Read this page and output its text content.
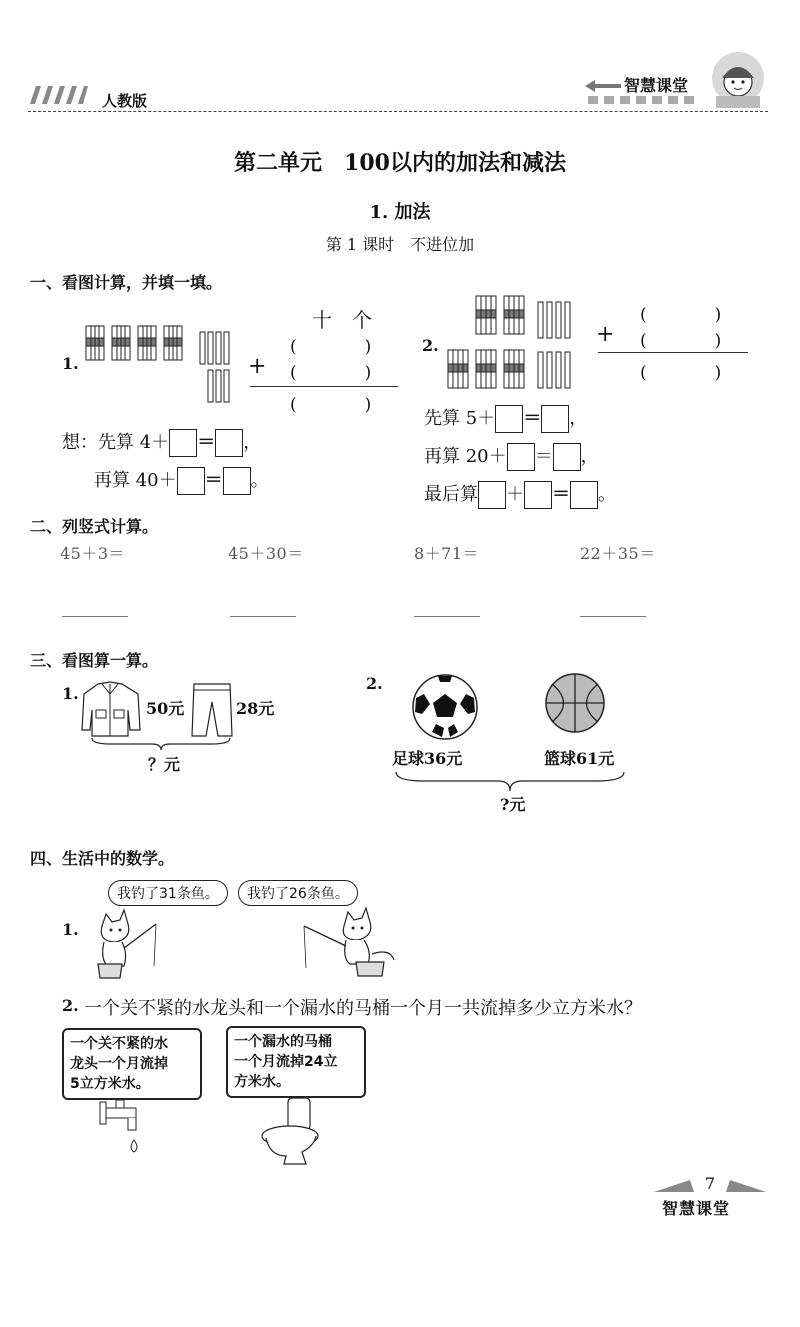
人教版
智慧课堂
第二单元　100以内的加法和减法
1. 加法
第 1 课时　不进位加
一、看图计算，并填一填。
1.
十　个
(　　　　)
+ (　　　　)
(　　　　)
想：先算 4＋ ＝ ，
再算 40＋ ＝ 。
2.
(　　　　)
+ (　　　　)
(　　　　)
先算 5＋ ＝ ，
再算 20＋ ＝ ，
最后算 ＋ ＝ 。
二、列竖式计算。
45＋3＝	45＋30＝	8＋71＝	22＋35＝
三、看图算一算。
1.
50元	28元
？元
2.
足球36元	篮球61元
?元
四、生活中的数学。
1.
我钓了31条鱼。	我钓了26条鱼。
2. 一个关不紧的水龙头和一个漏水的马桶一个月一共流掉多少立方米水？
一个关不紧的水
龙头一个月流掉
5立方米水。
一个漏水的马桶
一个月流掉24立
方米水。
7
智慧课堂
